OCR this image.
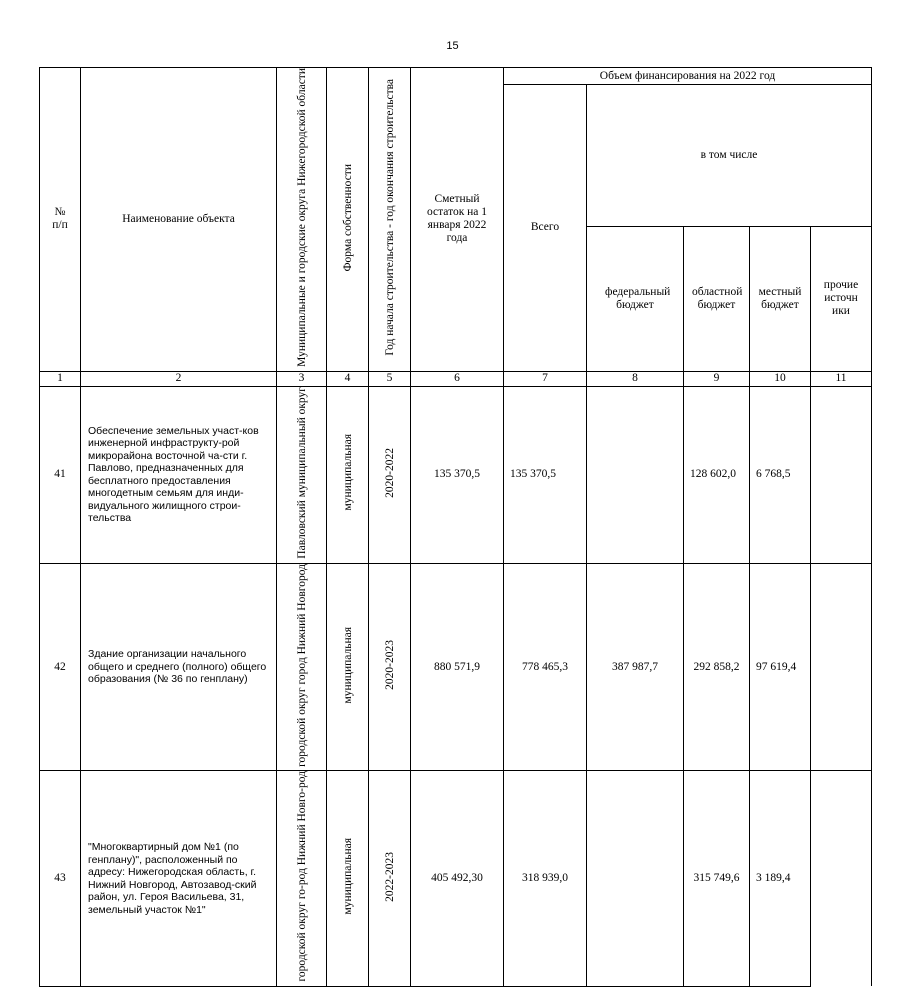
15
№ п/п	Наименование объекта	Муниципальные и городские округа Нижегородской области	Форма собственности	Год начала строительства - год окончания строительства	Сметный остаток на 1 января 2022 года	Объем финансирования на 2022 год				
						Всего	в том числе			
							федеральный бюджет	областной бюджет	местный бюджет	прочие источн ики
1	2	3	4	5	6	7	8	9	10	11
41	Обеспечение земельных участ-ков инженерной инфраструкту-рой микрорайона восточной ча-сти г. Павлово, предназначенных для бесплатного предоставления многодетным семьям для инди-видуального жилищного строи-тельства	Павловский муниципальный округ	муниципальная	2020-2022	135 370,5	135 370,5		128 602,0	6 768,5	
42	Здание организации начального общего и среднего (полного) общего образования (№ 36 по генплану)	городской округ город Нижний Новгород	муниципальная	2020-2023	880 571,9	778 465,3	387 987,7	292 858,2	97 619,4	
43	"Многоквартирный дом №1 (по генплану)", расположенный по адресу: Нижегородская область, г. Нижний Новгород, Автозавод-ский район, ул. Героя Васильева, 31, земельный участок №1"	городской округ го-род Нижний Новго-род	муниципальная	2022-2023	405 492,30	318 939,0		315 749,6	3 189,4	
